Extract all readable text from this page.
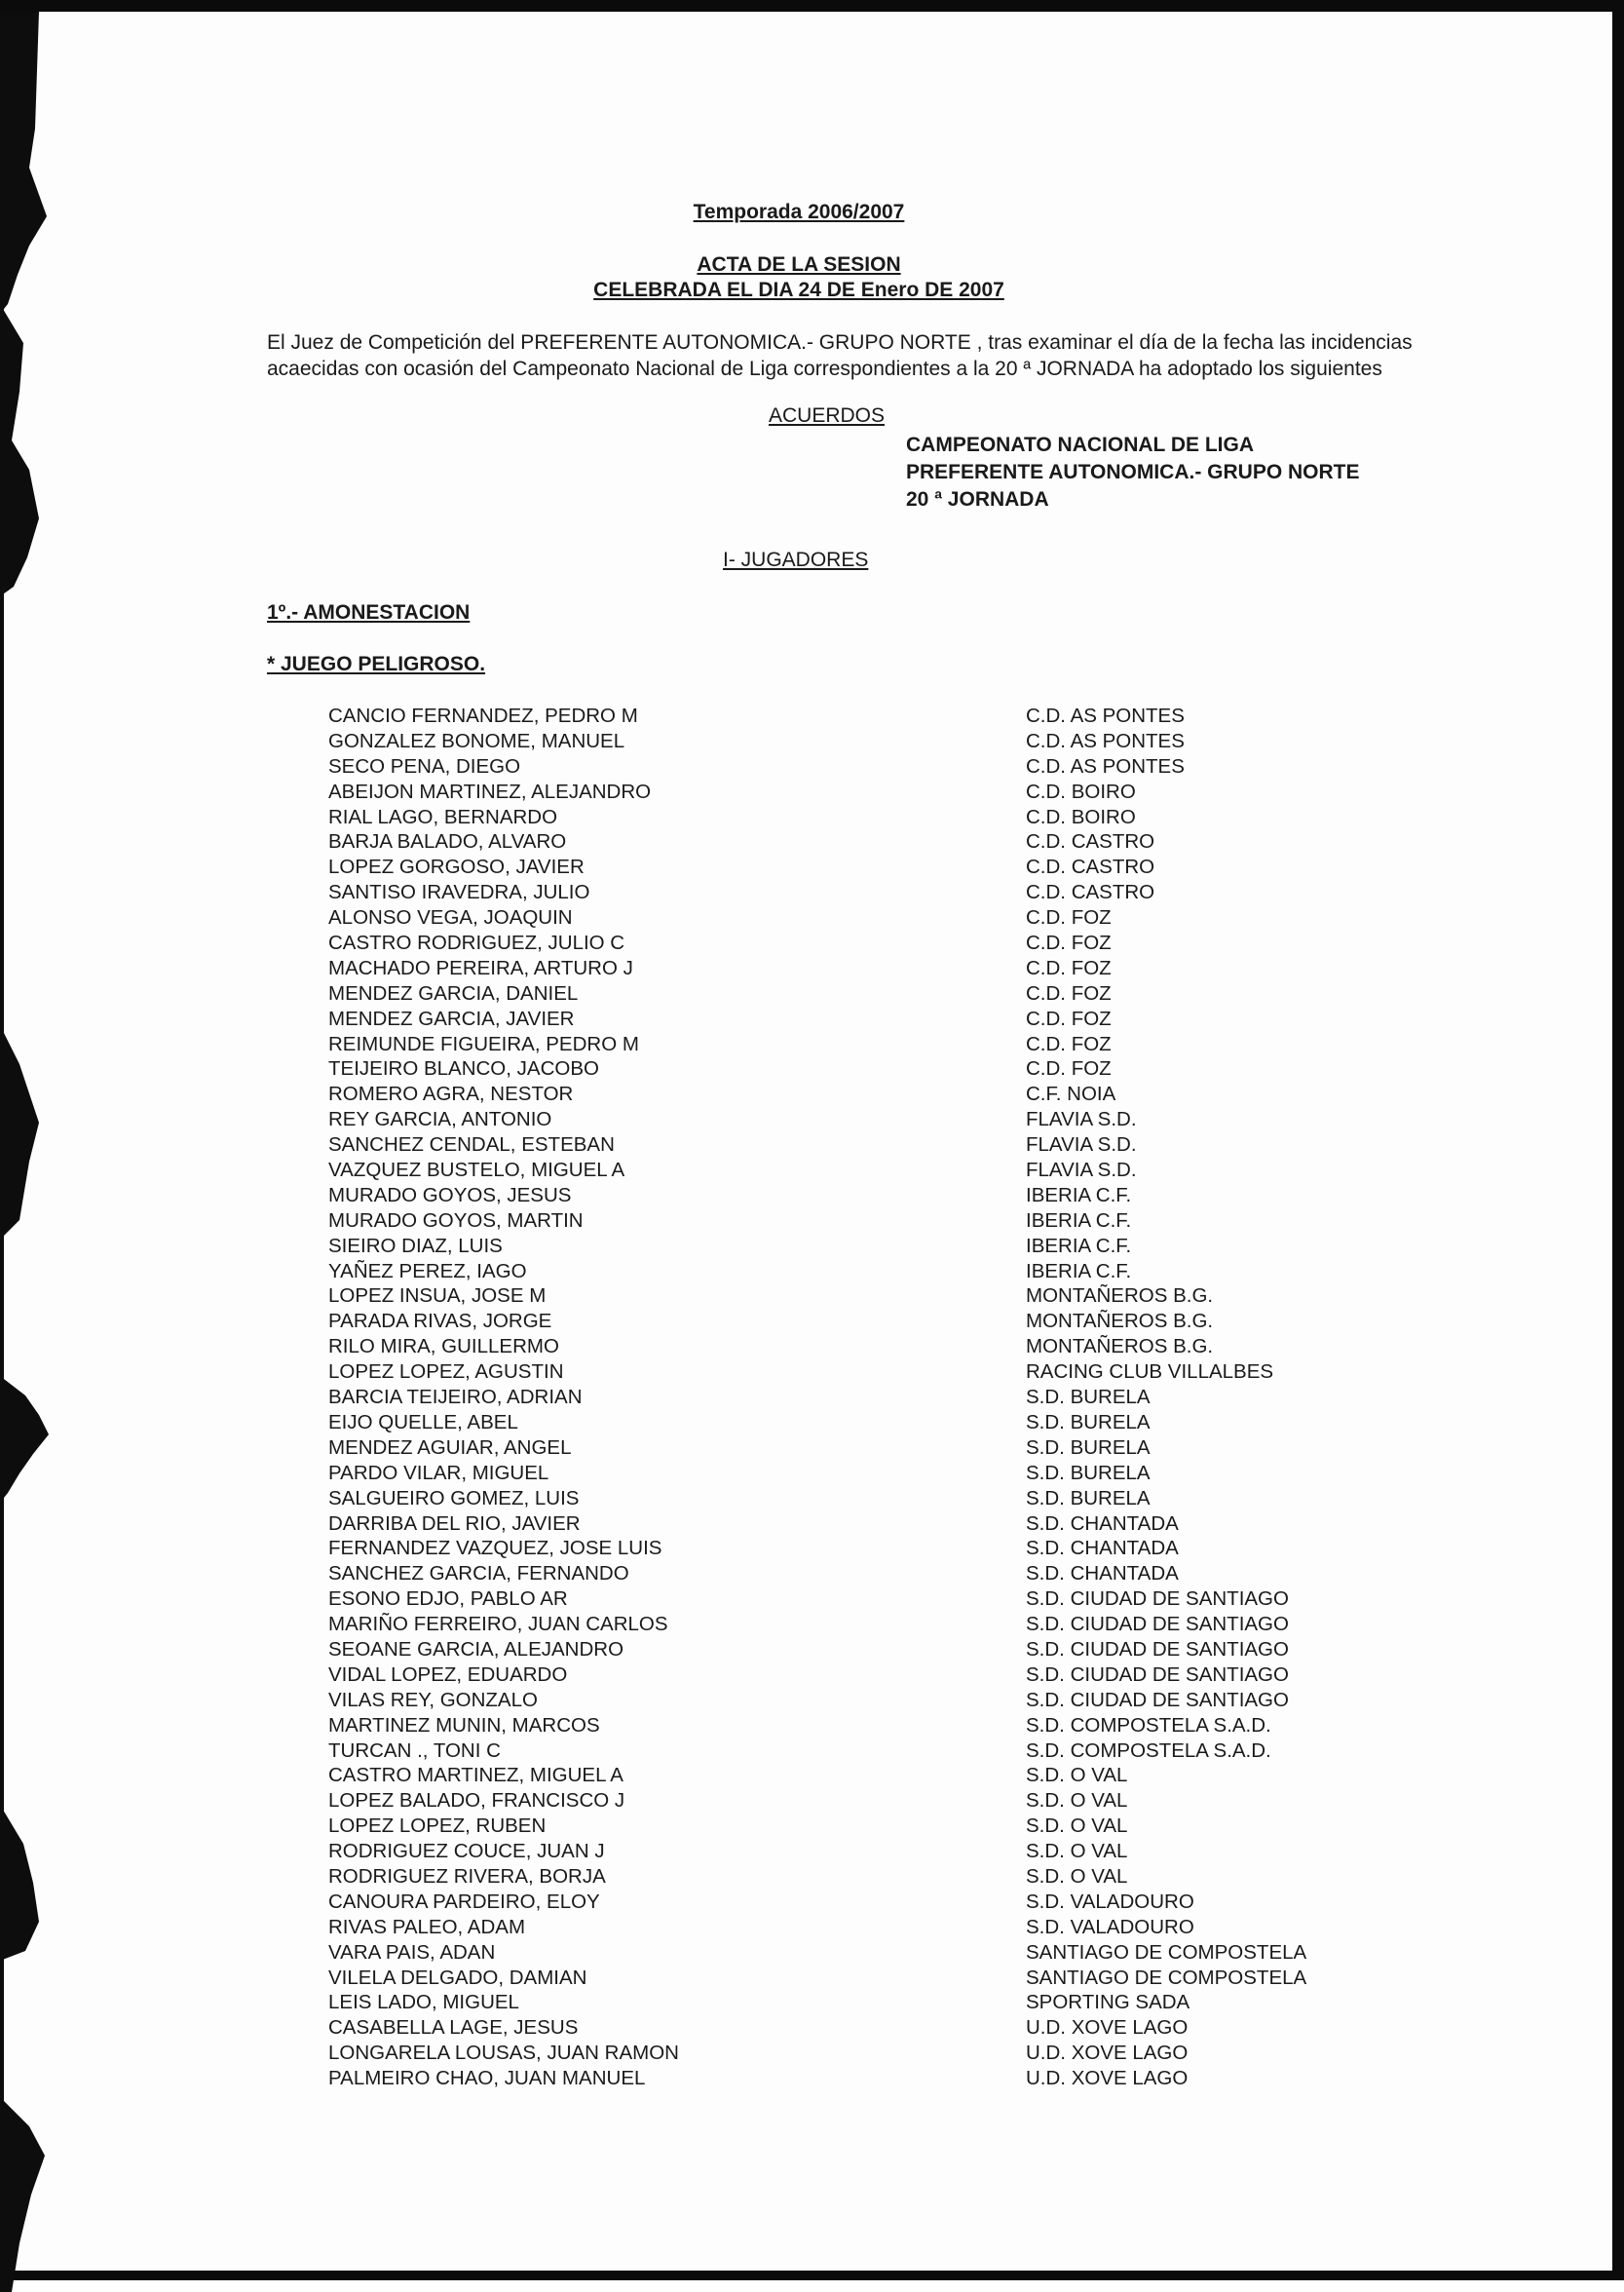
Temporada 2006/2007
ACTA DE LA SESION
CELEBRADA EL DIA 24 DE Enero DE 2007
El Juez de Competición del PREFERENTE AUTONOMICA.- GRUPO NORTE , tras examinar el día de la fecha las incidencias
acaecidas con ocasión del Campeonato Nacional de Liga correspondientes a la 20 ª JORNADA ha adoptado los siguientes
ACUERDOS
CAMPEONATO NACIONAL DE LIGA
PREFERENTE AUTONOMICA.- GRUPO NORTE
20 ª JORNADA
I- JUGADORES
1º.- AMONESTACION
* JUEGO PELIGROSO.
CANCIO FERNANDEZ, PEDRO M	C.D. AS PONTES
GONZALEZ BONOME, MANUEL	C.D. AS PONTES
SECO PENA, DIEGO	C.D. AS PONTES
ABEIJON MARTINEZ, ALEJANDRO	C.D. BOIRO
RIAL LAGO, BERNARDO	C.D. BOIRO
BARJA BALADO, ALVARO	C.D. CASTRO
LOPEZ GORGOSO, JAVIER	C.D. CASTRO
SANTISO IRAVEDRA, JULIO	C.D. CASTRO
ALONSO VEGA, JOAQUIN	C.D. FOZ
CASTRO RODRIGUEZ, JULIO C	C.D. FOZ
MACHADO PEREIRA, ARTURO J	C.D. FOZ
MENDEZ GARCIA, DANIEL	C.D. FOZ
MENDEZ GARCIA, JAVIER	C.D. FOZ
REIMUNDE FIGUEIRA, PEDRO M	C.D. FOZ
TEIJEIRO BLANCO, JACOBO	C.D. FOZ
ROMERO AGRA, NESTOR	C.F. NOIA
REY GARCIA, ANTONIO	FLAVIA S.D.
SANCHEZ CENDAL, ESTEBAN	FLAVIA S.D.
VAZQUEZ BUSTELO, MIGUEL A	FLAVIA S.D.
MURADO GOYOS, JESUS	IBERIA C.F.
MURADO GOYOS, MARTIN	IBERIA C.F.
SIEIRO DIAZ, LUIS	IBERIA C.F.
YAÑEZ PEREZ, IAGO	IBERIA C.F.
LOPEZ INSUA, JOSE M	MONTAÑEROS B.G.
PARADA RIVAS, JORGE	MONTAÑEROS B.G.
RILO MIRA, GUILLERMO	MONTAÑEROS B.G.
LOPEZ LOPEZ, AGUSTIN	RACING CLUB VILLALBES
BARCIA TEIJEIRO, ADRIAN	S.D. BURELA
EIJO QUELLE, ABEL	S.D. BURELA
MENDEZ AGUIAR, ANGEL	S.D. BURELA
PARDO VILAR, MIGUEL	S.D. BURELA
SALGUEIRO GOMEZ, LUIS	S.D. BURELA
DARRIBA DEL RIO, JAVIER	S.D. CHANTADA
FERNANDEZ VAZQUEZ, JOSE LUIS	S.D. CHANTADA
SANCHEZ GARCIA, FERNANDO	S.D. CHANTADA
ESONO EDJO, PABLO AR	S.D. CIUDAD DE SANTIAGO
MARIÑO FERREIRO, JUAN CARLOS	S.D. CIUDAD DE SANTIAGO
SEOANE GARCIA, ALEJANDRO	S.D. CIUDAD DE SANTIAGO
VIDAL LOPEZ, EDUARDO	S.D. CIUDAD DE SANTIAGO
VILAS REY, GONZALO	S.D. CIUDAD DE SANTIAGO
MARTINEZ MUNIN, MARCOS	S.D. COMPOSTELA S.A.D.
TURCAN ., TONI C	S.D. COMPOSTELA S.A.D.
CASTRO MARTINEZ, MIGUEL A	S.D. O VAL
LOPEZ BALADO, FRANCISCO J	S.D. O VAL
LOPEZ LOPEZ, RUBEN	S.D. O VAL
RODRIGUEZ COUCE, JUAN J	S.D. O VAL
RODRIGUEZ RIVERA, BORJA	S.D. O VAL
CANOURA PARDEIRO, ELOY	S.D. VALADOURO
RIVAS PALEO, ADAM	S.D. VALADOURO
VARA PAIS, ADAN	SANTIAGO DE COMPOSTELA
VILELA DELGADO, DAMIAN	SANTIAGO DE COMPOSTELA
LEIS LADO, MIGUEL	SPORTING SADA
CASABELLA LAGE, JESUS	U.D. XOVE LAGO
LONGARELA LOUSAS, JUAN RAMON	U.D. XOVE LAGO
PALMEIRO CHAO, JUAN MANUEL	U.D. XOVE LAGO
